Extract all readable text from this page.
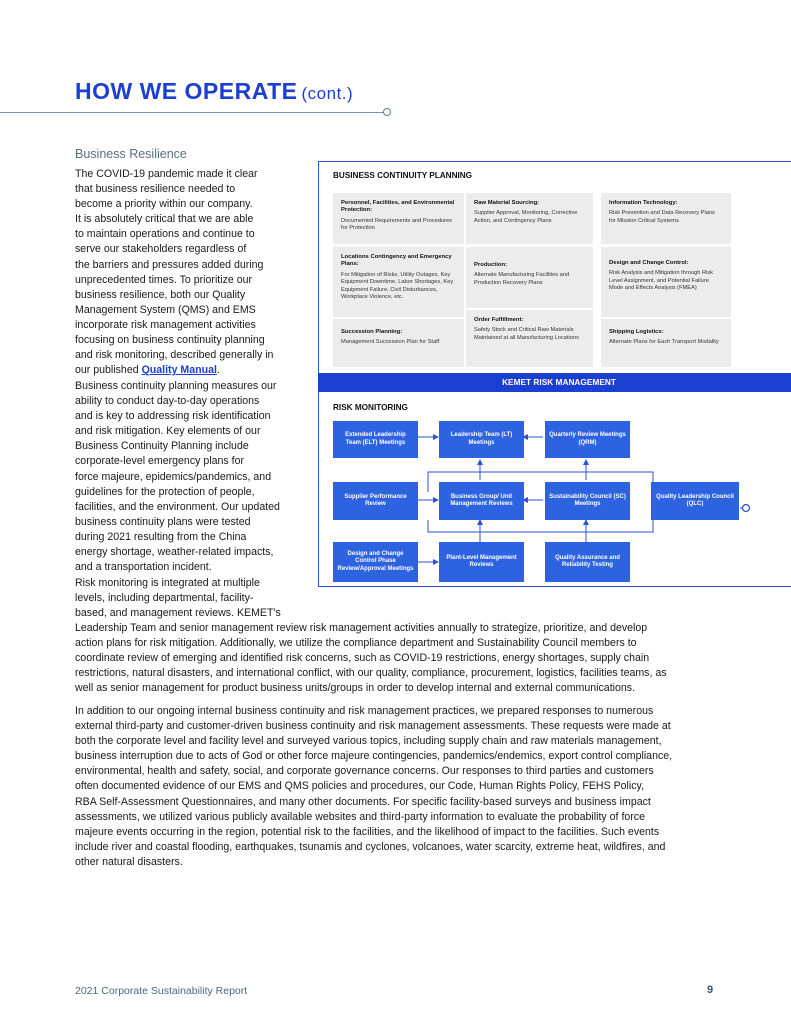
HOW WE OPERATE (cont.)
Business Resilience
The COVID-19 pandemic made it clear
that business resilience needed to
become a priority within our company.
It is absolutely critical that we are able
to maintain operations and continue to
serve our stakeholders regardless of
the barriers and pressures added during
unprecedented times. To prioritize our
business resilience, both our Quality
Management System (QMS) and EMS
incorporate risk management activities
focusing on business continuity planning
and risk monitoring, described generally in
our published Quality Manual.
Business continuity planning measures our
ability to conduct day-to-day operations
and is key to addressing risk identification
and risk mitigation. Key elements of our
Business Continuity Planning include
corporate-level emergency plans for
force majeure, epidemics/pandemics, and
guidelines for the protection of people,
facilities, and the environment. Our updated
business continuity plans were tested
during 2021 resulting from the China
energy shortage, weather-related impacts,
and a transportation incident.
Risk monitoring is integrated at multiple
levels, including departmental, facility-
based, and management reviews. KEMET's
Leadership Team and senior management review risk management activities annually to strategize, prioritize, and develop
action plans for risk mitigation. Additionally, we utilize the compliance department and Sustainability Council members to
coordinate review of emerging and identified risk concerns, such as COVID-19 restrictions, energy shortages, supply chain
restrictions, natural disasters, and international conflict, with our quality, compliance, procurement, logistics, facilities teams, as
well as senior management for product business units/groups in order to develop internal and external communications.
In addition to our ongoing internal business continuity and risk management practices, we prepared responses to numerous
external third-party and customer-driven business continuity and risk management assessments. These requests were made at
both the corporate level and facility level and surveyed various topics, including supply chain and raw materials management,
business interruption due to acts of God or other force majeure contingencies, pandemics/endemics, export control compliance,
environmental, health and safety, social, and corporate governance concerns. Our responses to third parties and customers
often documented evidence of our EMS and QMS policies and procedures, our Code, Human Rights Policy, FEHS Policy,
RBA Self-Assessment Questionnaires, and many other documents. For specific facility-based surveys and business impact
assessments, we utilized various publicly available websites and third-party information to evaluate the probability of force
majeure events occurring in the region, potential risk to the facilities, and the likelihood of impact to the facilities. Such events
include river and coastal flooding, earthquakes, tsunamis and cyclones, volcanoes, water scarcity, extreme heat, wildfires, and
other natural disasters.
BUSINESS CONTINUITY PLANNING
Personnel, Facilities, and Environmental Protection:
Documented Requirements and Procedures for Protection
Raw Material Sourcing:
Supplier Approval, Monitoring, Corrective Action, and Contingency Plans
Information Technology:
Risk Prevention and Data Recovery Plans for Mission Critical Systems
Locations Contingency and Emergency Plans:
For Mitigation of Risks, Utility Outages, Key Equipment Downtime, Labor Shortages, Key Equipment Failure, Civil Disturbances, Workplace Violence, etc.
Production:
Alternate Manufacturing Facilities and Production Recovery Plans
Design and Change Control:
Risk Analysis and Mitigation through Risk Level Assignment, and Potential Failure Mode and Effects Analysis (FMEA)
Succession Planning:
Management Succession Plan for Staff
Order Fulfillment:
Safety Stock and Critical Raw Materials Maintained at all Manufacturing Locations
Shipping Logistics:
Alternate Plans for Each Transport Modality
KEMET RISK MANAGEMENT
RISK MONITORING
Extended Leadership Team (ELT) Meetings
Leadership Team (LT) Meetings
Quarterly Review Meetings (QRM)
Supplier Performance Review
Business Group/ Unit Management Reviews
Sustainability Council (SC) Meetings
Quality Leadership Council (QLC)
Design and Change Control Phase Review/Approval Meetings
Plant-Level Management Reviews
Quality Assurance and Reliability Testing
2021 Corporate Sustainability Report	9
